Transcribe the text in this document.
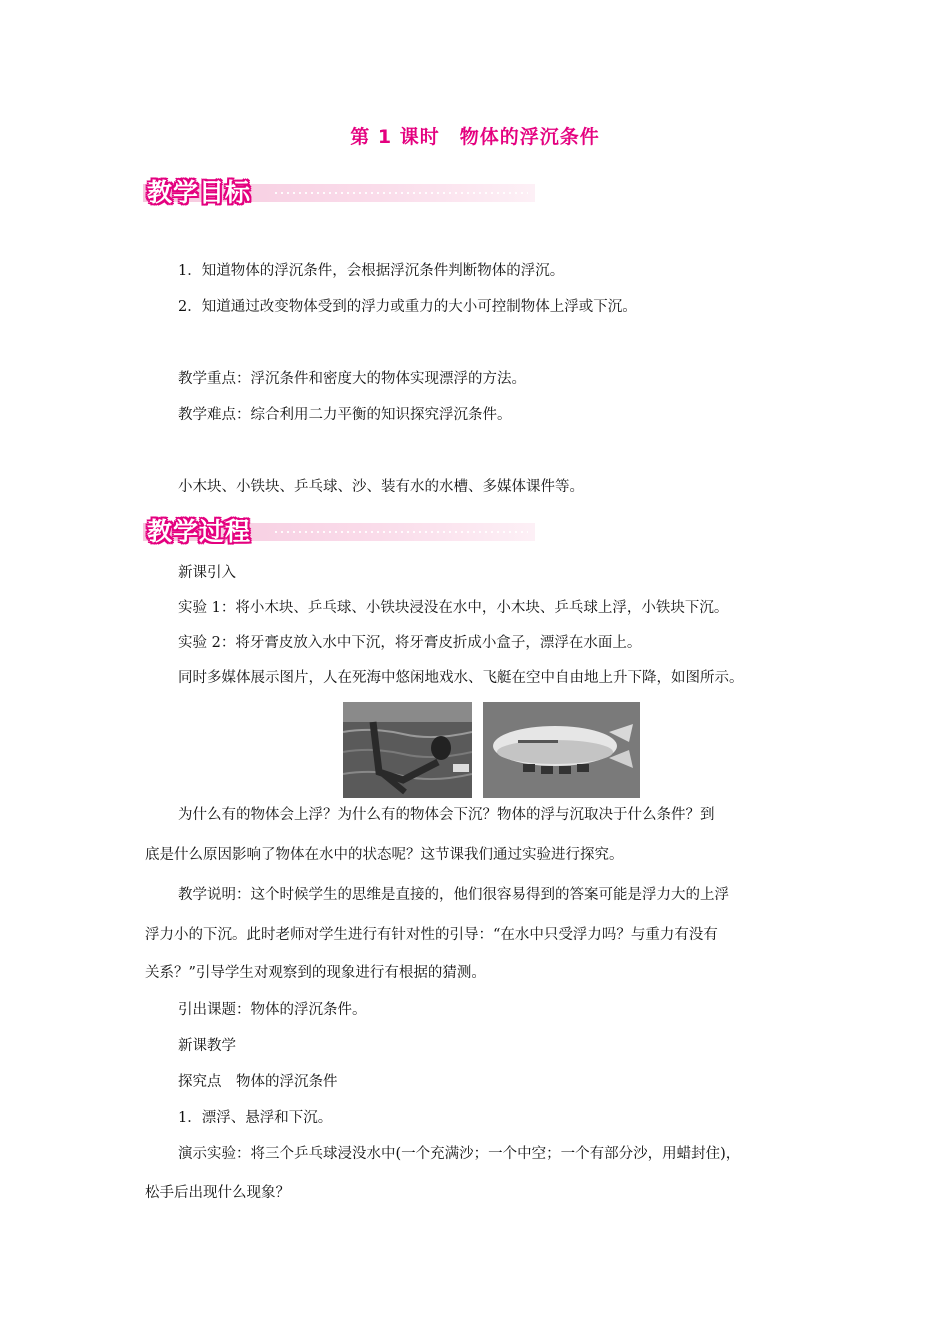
第 1 课时　物体的浮沉条件
教学目标

1．知道物体的浮沉条件，会根据浮沉条件判断物体的浮沉。

2．知道通过改变物体受到的浮力或重力的大小可控制物体上浮或下沉。

教学重点：浮沉条件和密度大的物体实现漂浮的方法。

教学难点：综合利用二力平衡的知识探究浮沉条件。

小木块、小铁块、乒乓球、沙、装有水的水槽、多媒体课件等。

教学过程

新课引入

实验 1：将小木块、乒乓球、小铁块浸没在水中，小木块、乒乓球上浮，小铁块下沉。

实验 2：将牙膏皮放入水中下沉，将牙膏皮折成小盒子，漂浮在水面上。

同时多媒体展示图片，人在死海中悠闲地戏水、飞艇在空中自由地上升下降，如图所示。

为什么有的物体会上浮？为什么有的物体会下沉？物体的浮与沉取决于什么条件？到

底是什么原因影响了物体在水中的状态呢？这节课我们通过实验进行探究。

教学说明：这个时候学生的思维是直接的，他们很容易得到的答案可能是浮力大的上浮

浮力小的下沉。此时老师对学生进行有针对性的引导：“在水中只受浮力吗？与重力有没有

关系？”引导学生对观察到的现象进行有根据的猜测。

引出课题：物体的浮沉条件。

新课教学

探究点　物体的浮沉条件

1．漂浮、悬浮和下沉。

演示实验：将三个乒乓球浸没水中(一个充满沙；一个中空；一个有部分沙，用蜡封住)，

松手后出现什么现象？
